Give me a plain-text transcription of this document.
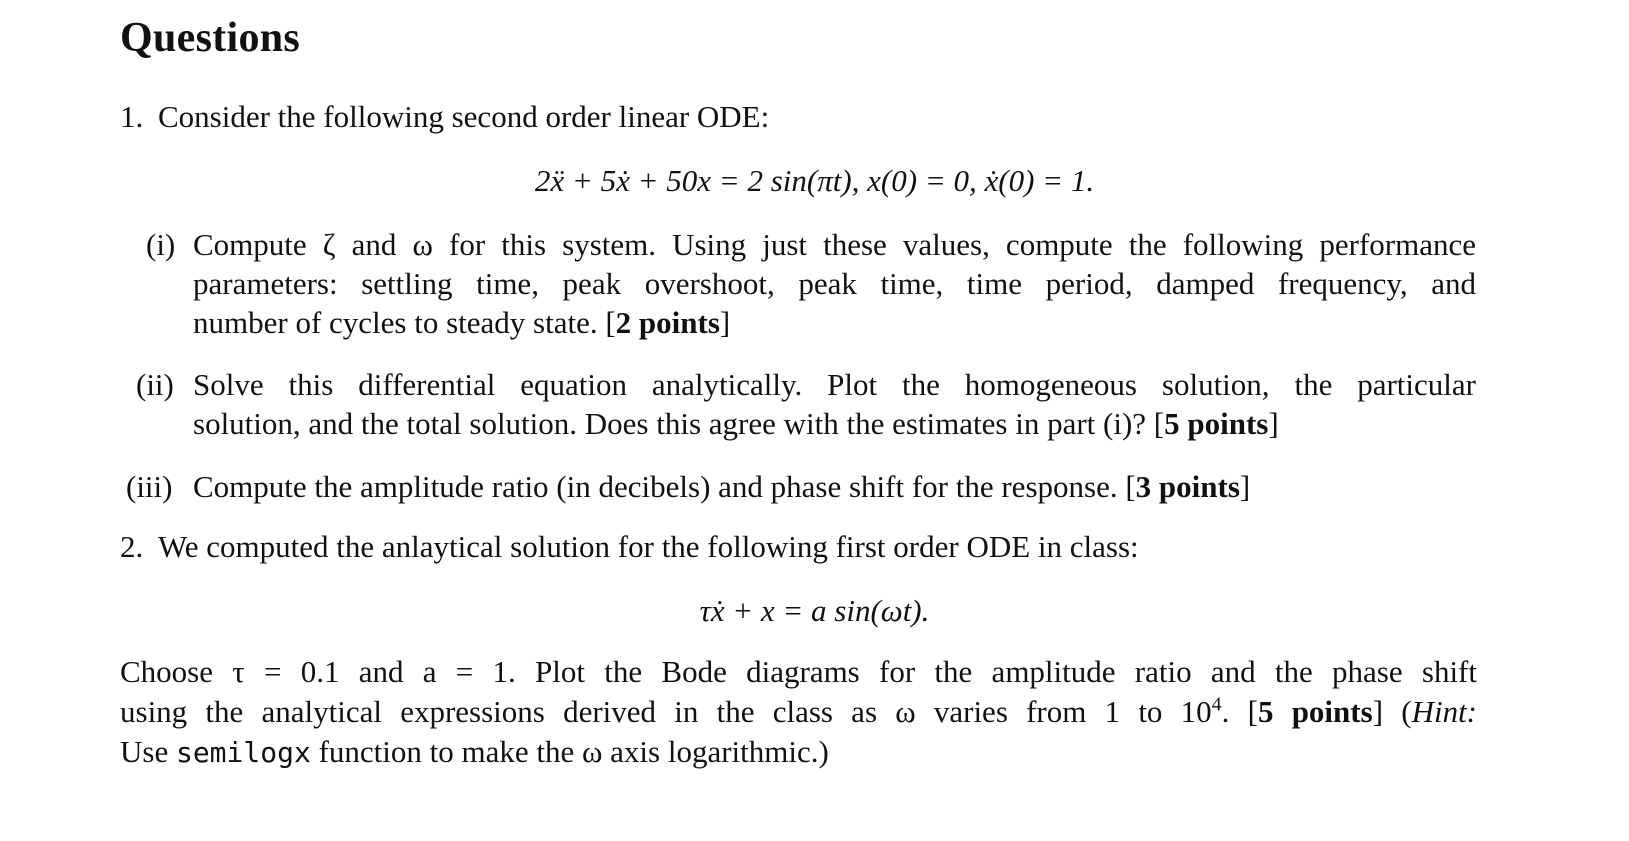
Questions
1. Consider the following second order linear ODE:
2ẍ + 5ẋ + 50x = 2 sin(πt), x(0) = 0, ẋ(0) = 1.
(i) Compute ζ and ω for this system. Using just these values, compute the following performance
parameters: settling time, peak overshoot, peak time, time period, damped frequency, and
number of cycles to steady state. [2 points]
(ii) Solve this differential equation analytically. Plot the homogeneous solution, the particular
solution, and the total solution. Does this agree with the estimates in part (i)? [5 points]
(iii) Compute the amplitude ratio (in decibels) and phase shift for the response. [3 points]
2. We computed the anlaytical solution for the following first order ODE in class:
τẋ + x = a sin(ωt).
Choose τ = 0.1 and a = 1. Plot the Bode diagrams for the amplitude ratio and the phase shift
using the analytical expressions derived in the class as ω varies from 1 to $10^4$. [5 points] (Hint:
Use semilogx function to make the ω axis logarithmic.)
